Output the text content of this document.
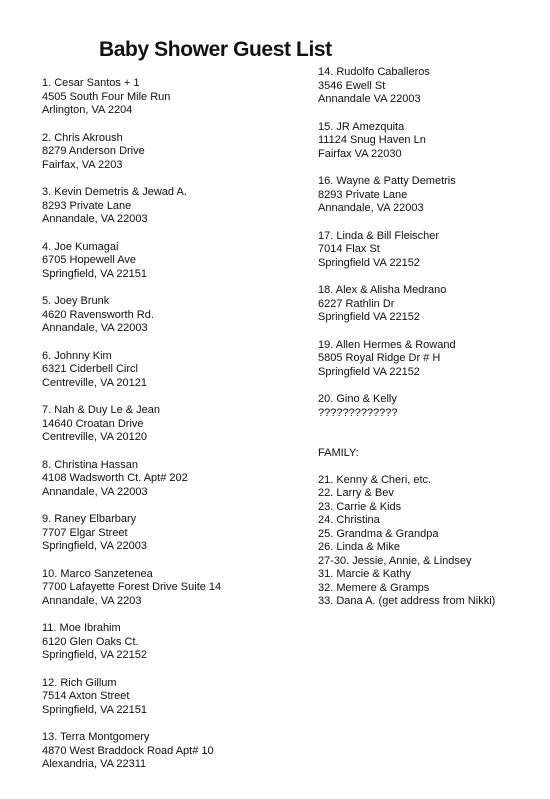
Baby Shower Guest List
1. Cesar Santos + 1
4505 South Four Mile Run
Arlington, VA 2204
2. Chris Akroush
8279 Anderson Drive
Fairfax, VA 2203
3. Kevin Demetris & Jewad A.
8293 Private Lane
Annandale, VA 22003
4. Joe Kumagai
6705 Hopewell Ave
Springfield, VA 22151
5. Joey Brunk
4620 Ravensworth Rd.
Annandale, VA 22003
6. Johnny Kim
6321 Ciderbell Circl
Centreville, VA 20121
7. Nah & Duy Le & Jean
14640 Croatan Drive
Centreville, VA 20120
8. Christina Hassan
4108 Wadsworth Ct. Apt# 202
Annandale, VA 22003
9. Raney Elbarbary
7707 Elgar Street
Springfield, VA 22003
10. Marco Sanzetenea
7700 Lafayette Forest Drive Suite 14
Annandale, VA 2203
11. Moe Ibrahim
6120 Glen Oaks Ct.
Springfield, VA 22152
12. Rich Gillum
7514 Axton Street
Springfield, VA 22151
13. Terra Montgomery
4870 West Braddock Road Apt# 10
Alexandria, VA 22311
14. Rudolfo Caballeros
3546 Ewell St
Annandale VA 22003
15. JR Amezquita
11124 Snug Haven Ln
Fairfax VA 22030
16. Wayne & Patty Demetris
8293 Private Lane
Annandale, VA 22003
17. Linda & Bill Fleischer
7014 Flax St
Springfield VA 22152
18. Alex & Alisha Medrano
6227 Rathlin Dr
Springfield VA 22152
19. Allen Hermes & Rowand
5805 Royal Ridge Dr # H
Springfield VA 22152
20. Gino & Kelly
?????????????
FAMILY:
21. Kenny & Cheri, etc.
22. Larry & Bev
23. Carrie & Kids
24. Christina
25. Grandma & Grandpa
26. Linda & Mike
27-30. Jessie, Annie, & Lindsey
31. Marcie & Kathy
32. Memere & Gramps
33. Dana A. (get address from Nikki)
